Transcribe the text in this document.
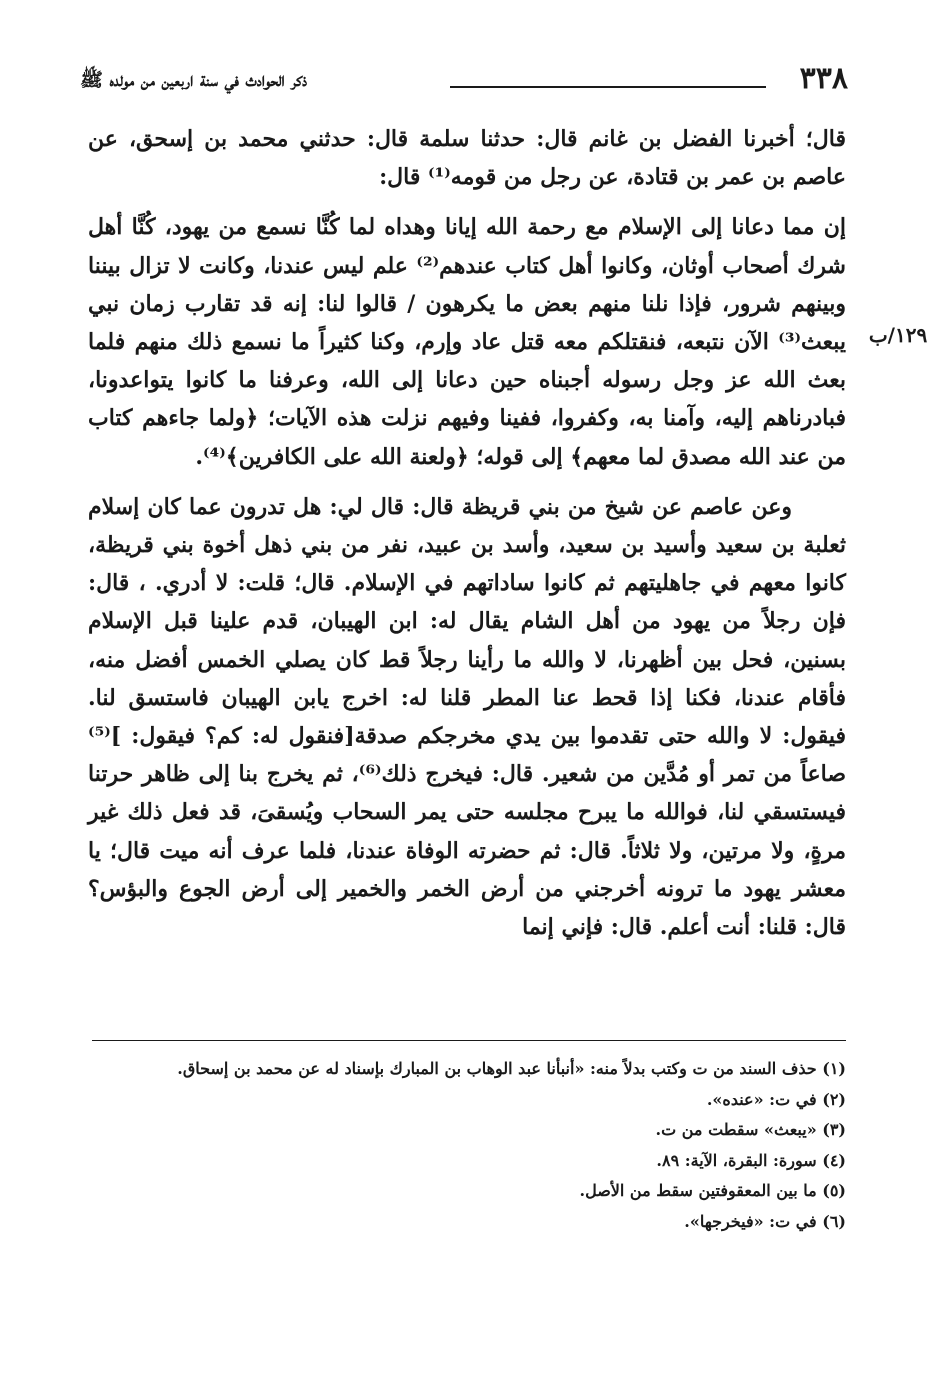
٣٣٨
ذكر الحوادث في سنة اربعين من مولده ﷺ
١٢٩/ب

قال؛ أخبرنا الفضل بن غانم قال: حدثنا سلمة قال: حدثني محمد بن إسحق، عن عاصم بن عمر بن قتادة، عن رجل من قومه⁽¹⁾ قال:

إن مما دعانا إلى الإسلام مع رحمة الله إيانا وهداه لما كُنَّا نسمع من يهود، كُنَّا أهل شرك أصحاب أوثان، وكانوا أهل كتاب عندهم⁽²⁾ علم ليس عندنا، وكانت لا تزال بيننا وبينهم شرور، فإذا نلنا منهم بعض ما يكرهون / قالوا لنا: إنه قد تقارب زمان نبي يبعث⁽³⁾ الآن نتبعه، فنقتلكم معه قتل عاد وإرم، وكنا كثيراً ما نسمع ذلك منهم فلما بعث الله عز وجل رسوله أجبناه حين دعانا إلى الله، وعرفنا ما كانوا يتواعدونا، فبادرناهم إليه، وآمنا به، وكفروا، ففينا وفيهم نزلت هذه الآيات؛ ﴿ولما جاءهم كتاب من عند الله مصدق لما معهم﴾ إلى قوله؛ ﴿ولعنة الله على الكافرين﴾⁽⁴⁾.

وعن عاصم عن شيخ من بني قريظة قال: قال لي: هل تدرون عما كان إسلام ثعلبة بن سعيد وأسيد بن سعيد، وأسد بن عبيد، نفر من بني ذهل أخوة بني قريظة، كانوا معهم في جاهليتهم ثم كانوا ساداتهم في الإسلام. قال؛ قلت: لا أدري. ، قال: فإن رجلاً من يهود من أهل الشام يقال له: ابن الهيبان، قدم علينا قبل الإسلام بسنين، فحل بين أظهرنا، لا والله ما رأينا رجلاً قط كان يصلي الخمس أفضل منه، فأقام عندنا، فكنا إذا قحط عنا المطر قلنا له: اخرج يابن الهيبان فاستسق لنا. فيقول: لا والله حتى تقدموا بين يدي مخرجكم صدقة[فنقول له: كم؟ فيقول: ]⁽⁵⁾ صاعاً من تمر أو مُدَّين من شعير. قال: فيخرج ذلك⁽⁶⁾، ثم يخرج بنا إلى ظاهر حرتنا فيستسقي لنا، فوالله ما يبرح مجلسه حتى يمر السحاب ويُسقىَ، قد فعل ذلك غير مرةٍ، ولا مرتين، ولا ثلاثاً. قال: ثم حضرته الوفاة عندنا، فلما عرف أنه ميت قال؛ يا معشر يهود ما ترونه أخرجني من أرض الخمر والخمير إلى أرض الجوع والبؤس؟ قال: قلنا: أنت أعلم. قال: فإني إنما

(١) حذف السند من ت وكتب بدلاً منه: «أنبأنا عبد الوهاب بن المبارك بإسناد له عن محمد بن إسحاق.

(٢) في ت: «عنده».

(٣) «يبعث» سقطت من ت.

(٤) سورة: البقرة، الآية: ٨٩.

(٥) ما بين المعقوفتين سقط من الأصل.

(٦) في ت: «فيخرجها».
